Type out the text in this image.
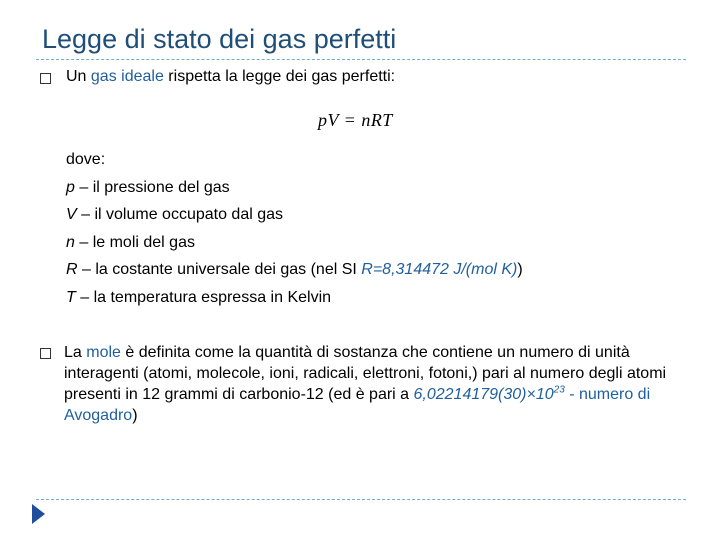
Legge di stato dei gas perfetti
Un gas ideale rispetta la legge dei gas perfetti:
pV = nRT
dove:
p – il pressione del gas
V – il volume occupato dal gas
n – le moli del gas
R – la costante universale dei gas (nel SI R=8,314472 J/(mol K))
T – la temperatura espressa in Kelvin
La mole è definita come la quantità di sostanza che contiene un numero di unità interagenti (atomi, molecole, ioni, radicali, elettroni, fotoni,) pari al numero degli atomi presenti in 12 grammi di carbonio-12 (ed è pari a $6,02214179(30)\times 10^{23}$ - numero di Avogadro)
